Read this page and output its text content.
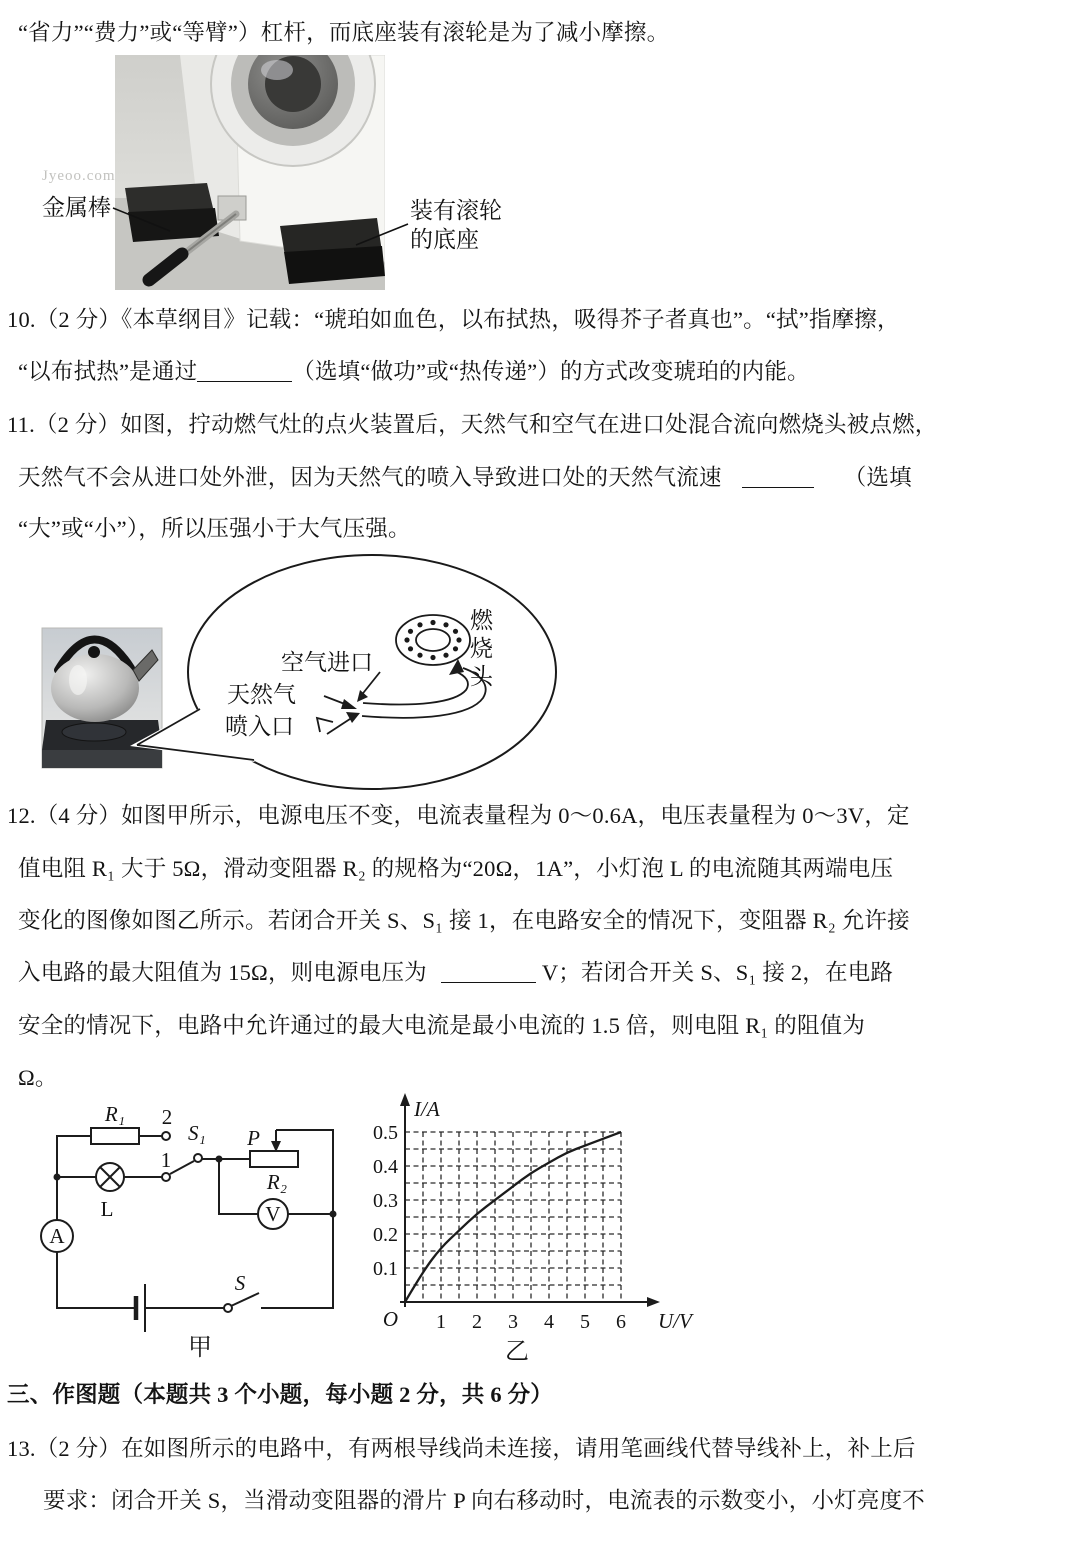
“省力”“费力”或“等臂”）杠杆，而底座装有滚轮是为了减小摩擦。
10.（2 分）《本草纲目》记载：“琥珀如血色，以布拭热，吸得芥子者真也”。“拭”指摩擦，
“以布拭热”是通过	（选填“做功”或“热传递”）的方式改变琥珀的内能。
11.（2 分）如图，拧动燃气灶的点火装置后，天然气和空气在进口处混合流向燃烧头被点燃，
天然气不会从进口处外泄，因为天然气的喷入导致进口处的天然气流速	（选填
“大”或“小”），所以压强小于大气压强。
12.（4 分）如图甲所示，电源电压不变，电流表量程为 0～0.6A，电压表量程为 0～3V，定
值电阻 R₁ 大于 5Ω，滑动变阻器 R₂ 的规格为“20Ω，1A”，小灯泡 L 的电流随其两端电压
变化的图像如图乙所示。若闭合开关 S、S₁ 接 1，在电路安全的情况下，变阻器 R₂ 允许接
入电路的最大阻值为 15Ω，则电源电压为	V；若闭合开关 S、S₁ 接 2，在电路
安全的情况下，电路中允许通过的最大电流是最小电流的 1.5 倍，则电阻 R₁ 的阻值为
Ω。
三、作图题（本题共 3 个小题，每小题 2 分，共 6 分）
13.（2 分）在如图所示的电路中，有两根导线尚未连接，请用笔画线代替导线补上，补上后
要求：闭合开关 S，当滑动变阻器的滑片 P 向右移动时，电流表的示数变小，小灯亮度不
Jyeoo.com
金属棒	装有滚轮
的底座
空气进口
天然气
喷入口
燃烧头
R₁ 2
1
L
S₁ P
R₂
A
V
S
甲
I/A
U/V
O
0.5
0.4
0.3
0.2
0.1
1 2 3 4 5 6
乙
